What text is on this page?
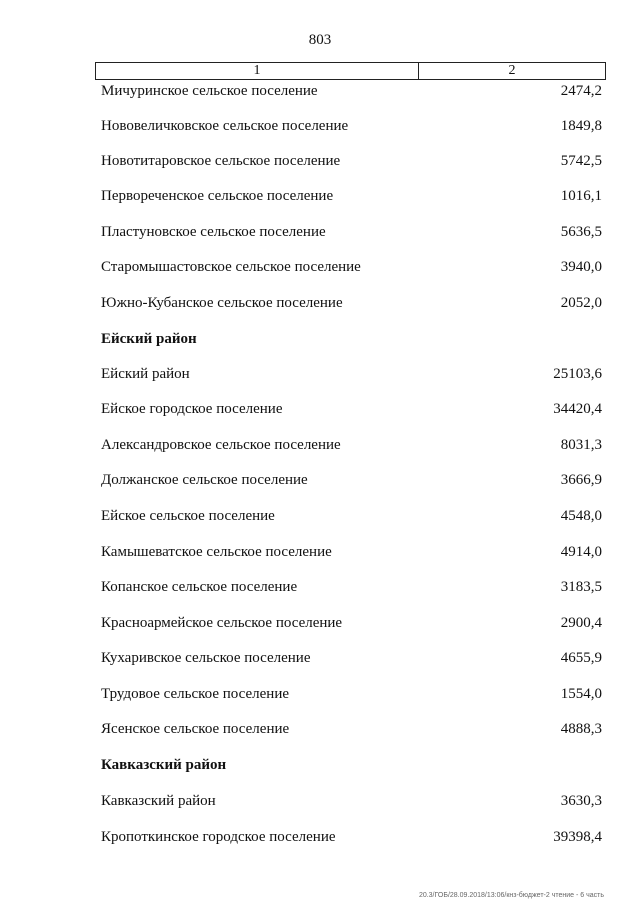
803
1	2
Мичуринское сельское поселение	2474,2
Нововеличковское сельское поселение	1849,8
Новотитаровское сельское поселение	5742,5
Первореченское сельское поселение	1016,1
Пластуновское сельское поселение	5636,5
Старомышастовское сельское поселение	3940,0
Южно-Кубанское сельское поселение	2052,0
Ейский район
Ейский район	25103,6
Ейское городское поселение	34420,4
Александровское сельское поселение	8031,3
Должанское сельское поселение	3666,9
Ейское сельское поселение	4548,0
Камышеватское сельское поселение	4914,0
Копанское сельское поселение	3183,5
Красноармейское сельское поселение	2900,4
Кухаривское сельское поселение	4655,9
Трудовое сельское поселение	1554,0
Ясенское сельское поселение	4888,3
Кавказский район
Кавказский район	3630,3
Кропоткинское городское поселение	39398,4
20.3/ГОБ/28.09.2018/13:06/кнз-бюджет-2 чтение - 6 часть
